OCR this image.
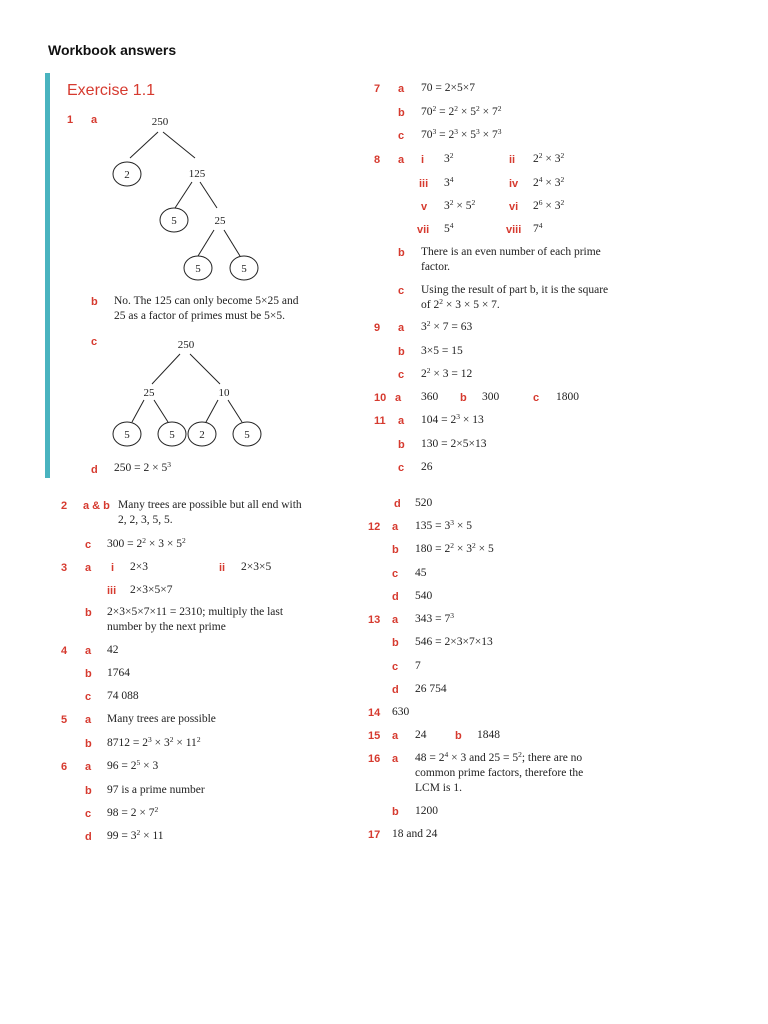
Workbook answers
Exercise 1.1
1 a	250
2	125
5	25
5	5
b No. The 125 can only become 5×25 and
25 as a factor of primes must be 5×5.
c	250
25	10
5	5 2	5
d $250 = 2 \times 5^3$
2 a & b Many trees are possible but all end with
2, 2, 3, 5, 5.
c $300 = 2^2 \times 3 \times 5^2$
3 a i 2×3	ii 2×3×5
iii 2×3×5×7
b 2×3×5×7×11 = 2310; multiply the last
number by the next prime
4 a 42
b 1764
c 74 088
5 a Many trees are possible
b $8712 = 2^3 \times 3^2 \times 11^2$
6 a $96 = 2^5 \times 3$
b 97 is a prime number
c $98 = 2 \times 7^2$
d $99 = 3^2 \times 11$
7 a 70 = 2×5×7
b $70^2 = 2^2 \times 5^2 \times 7^2$
c $70^3 = 2^3 \times 5^3 \times 7^3$
8 a i $3^2$	ii $2^2 \times 3^2$
iii $3^4$	iv $2^4 \times 3^2$
v $3^2 \times 5^2$	vi $2^6 \times 3^2$
vii $5^4$	viii $7^4$
b There is an even number of each prime
factor.
c Using the result of part b, it is the square
of $2^2 \times 3 \times 5 \times 7$.
9 a $3^2 \times 7 = 63$
b 3×5 = 15
c $2^2 \times 3 = 12$
10 a 360 b 300	c 1800
11 a $104 = 2^3 \times 13$
b 130 = 2×5×13
c 26
d 520
12 a $135 = 3^3 \times 5$
b $180 = 2^2 \times 3^2 \times 5$
c 45
d 540
13 a $343 = 7^3$
b 546 = 2×3×7×13
c 7
d 26 754
14 630
15 a 24	b 1848
16 a $48 = 2^4 \times 3$ and $25 = 5^2$; there are no
common prime factors, therefore the
LCM is 1.
b 1200
17 18 and 24
